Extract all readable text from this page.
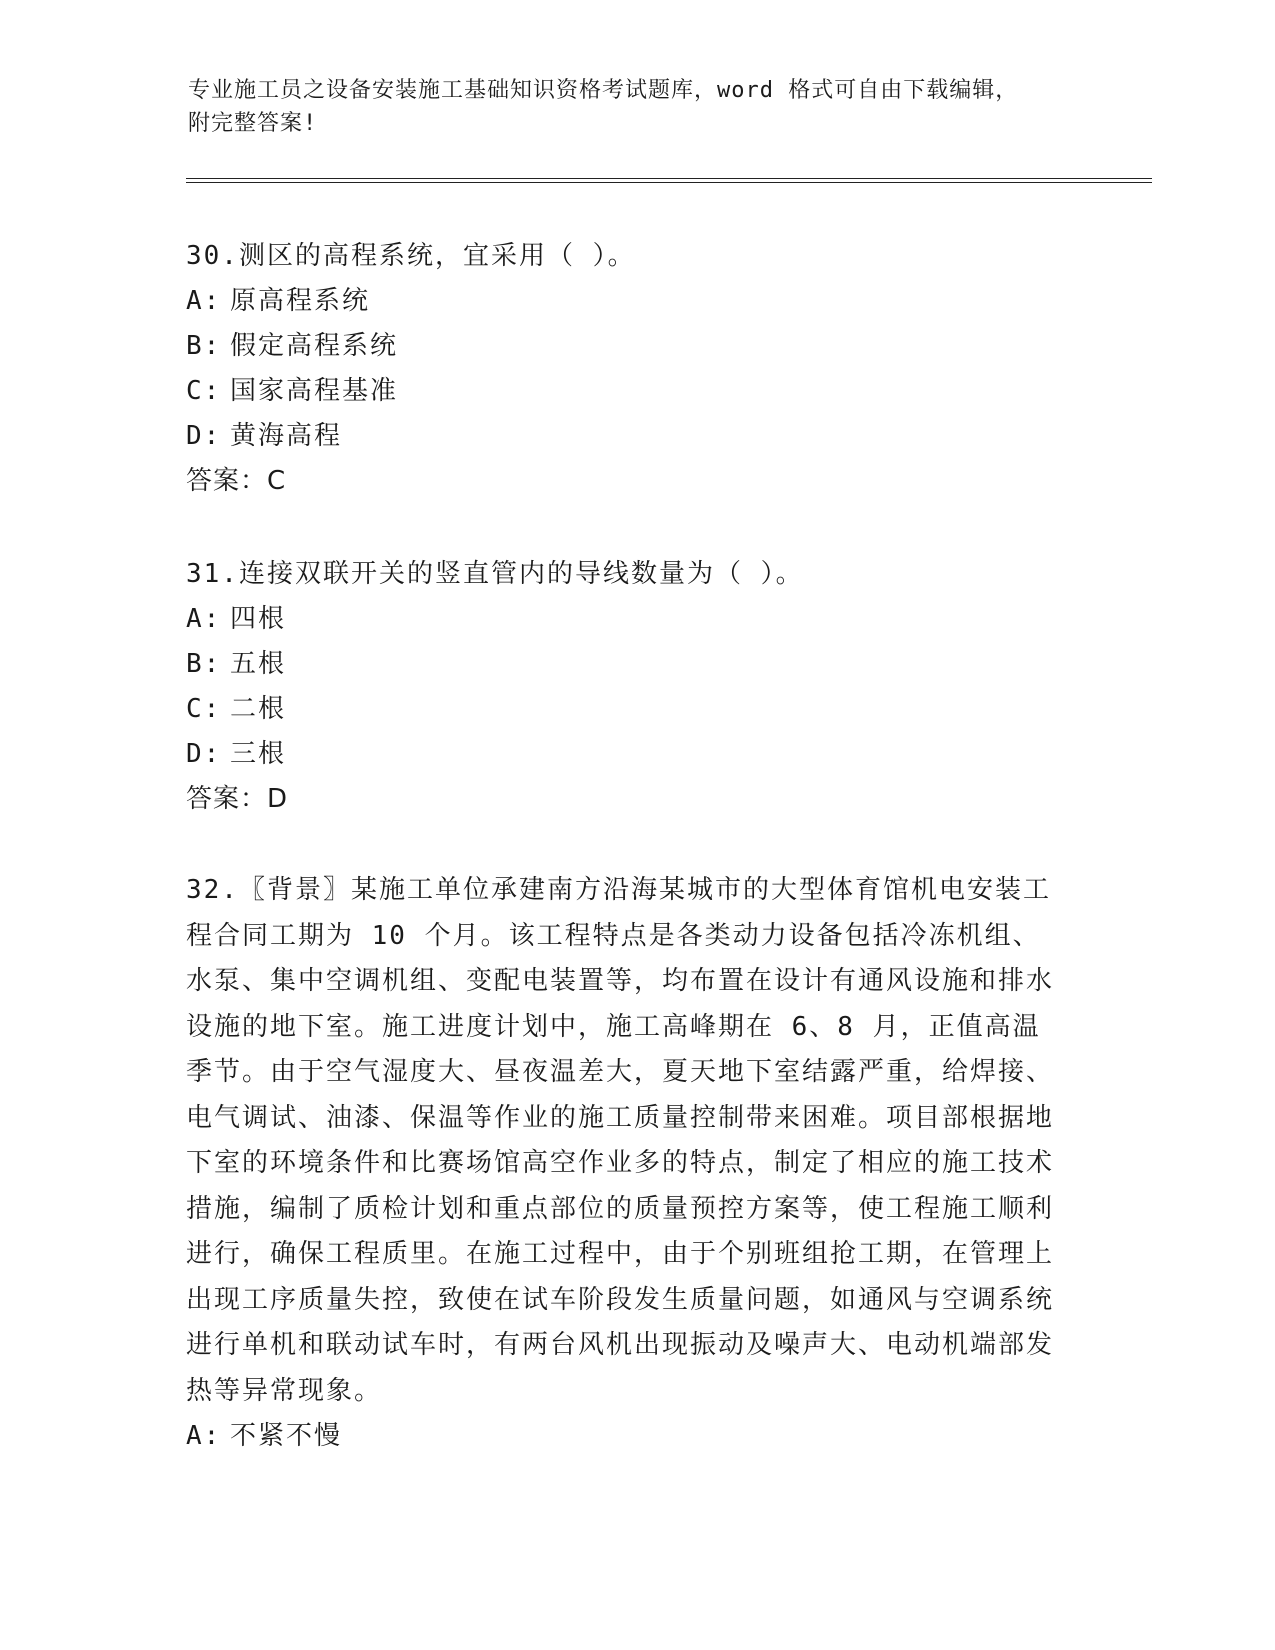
专业施工员之设备安装施工基础知识资格考试题库，word 格式可自由下载编辑，
附完整答案!

30.测区的高程系统，宜采用（ ）。

A: 原高程系统

B: 假定高程系统

C: 国家高程基准

D: 黄海高程

答案：C

31.连接双联开关的竖直管内的导线数量为（ ）。

A: 四根

B: 五根

C: 二根

D: 三根

答案：D

32.〖背景〗某施工单位承建南方沿海某城市的大型体育馆机电安装工程合同工期为 10 个月。该工程特点是各类动力设备包括冷冻机组、水泵、集中空调机组、变配电装置等，均布置在设计有通风设施和排水设施的地下室。施工进度计划中，施工高峰期在 6、8 月，正值高温季节。由于空气湿度大、昼夜温差大，夏天地下室结露严重，给焊接、电气调试、油漆、保温等作业的施工质量控制带来困难。项目部根据地下室的环境条件和比赛场馆高空作业多的特点，制定了相应的施工技术措施，编制了质检计划和重点部位的质量预控方案等，使工程施工顺利进行，确保工程质里。在施工过程中，由于个别班组抢工期，在管理上出现工序质量失控，致使在试车阶段发生质量问题，如通风与空调系统进行单机和联动试车时，有两台风机出现振动及噪声大、电动机端部发热等异常现象。

A: 不紧不慢
